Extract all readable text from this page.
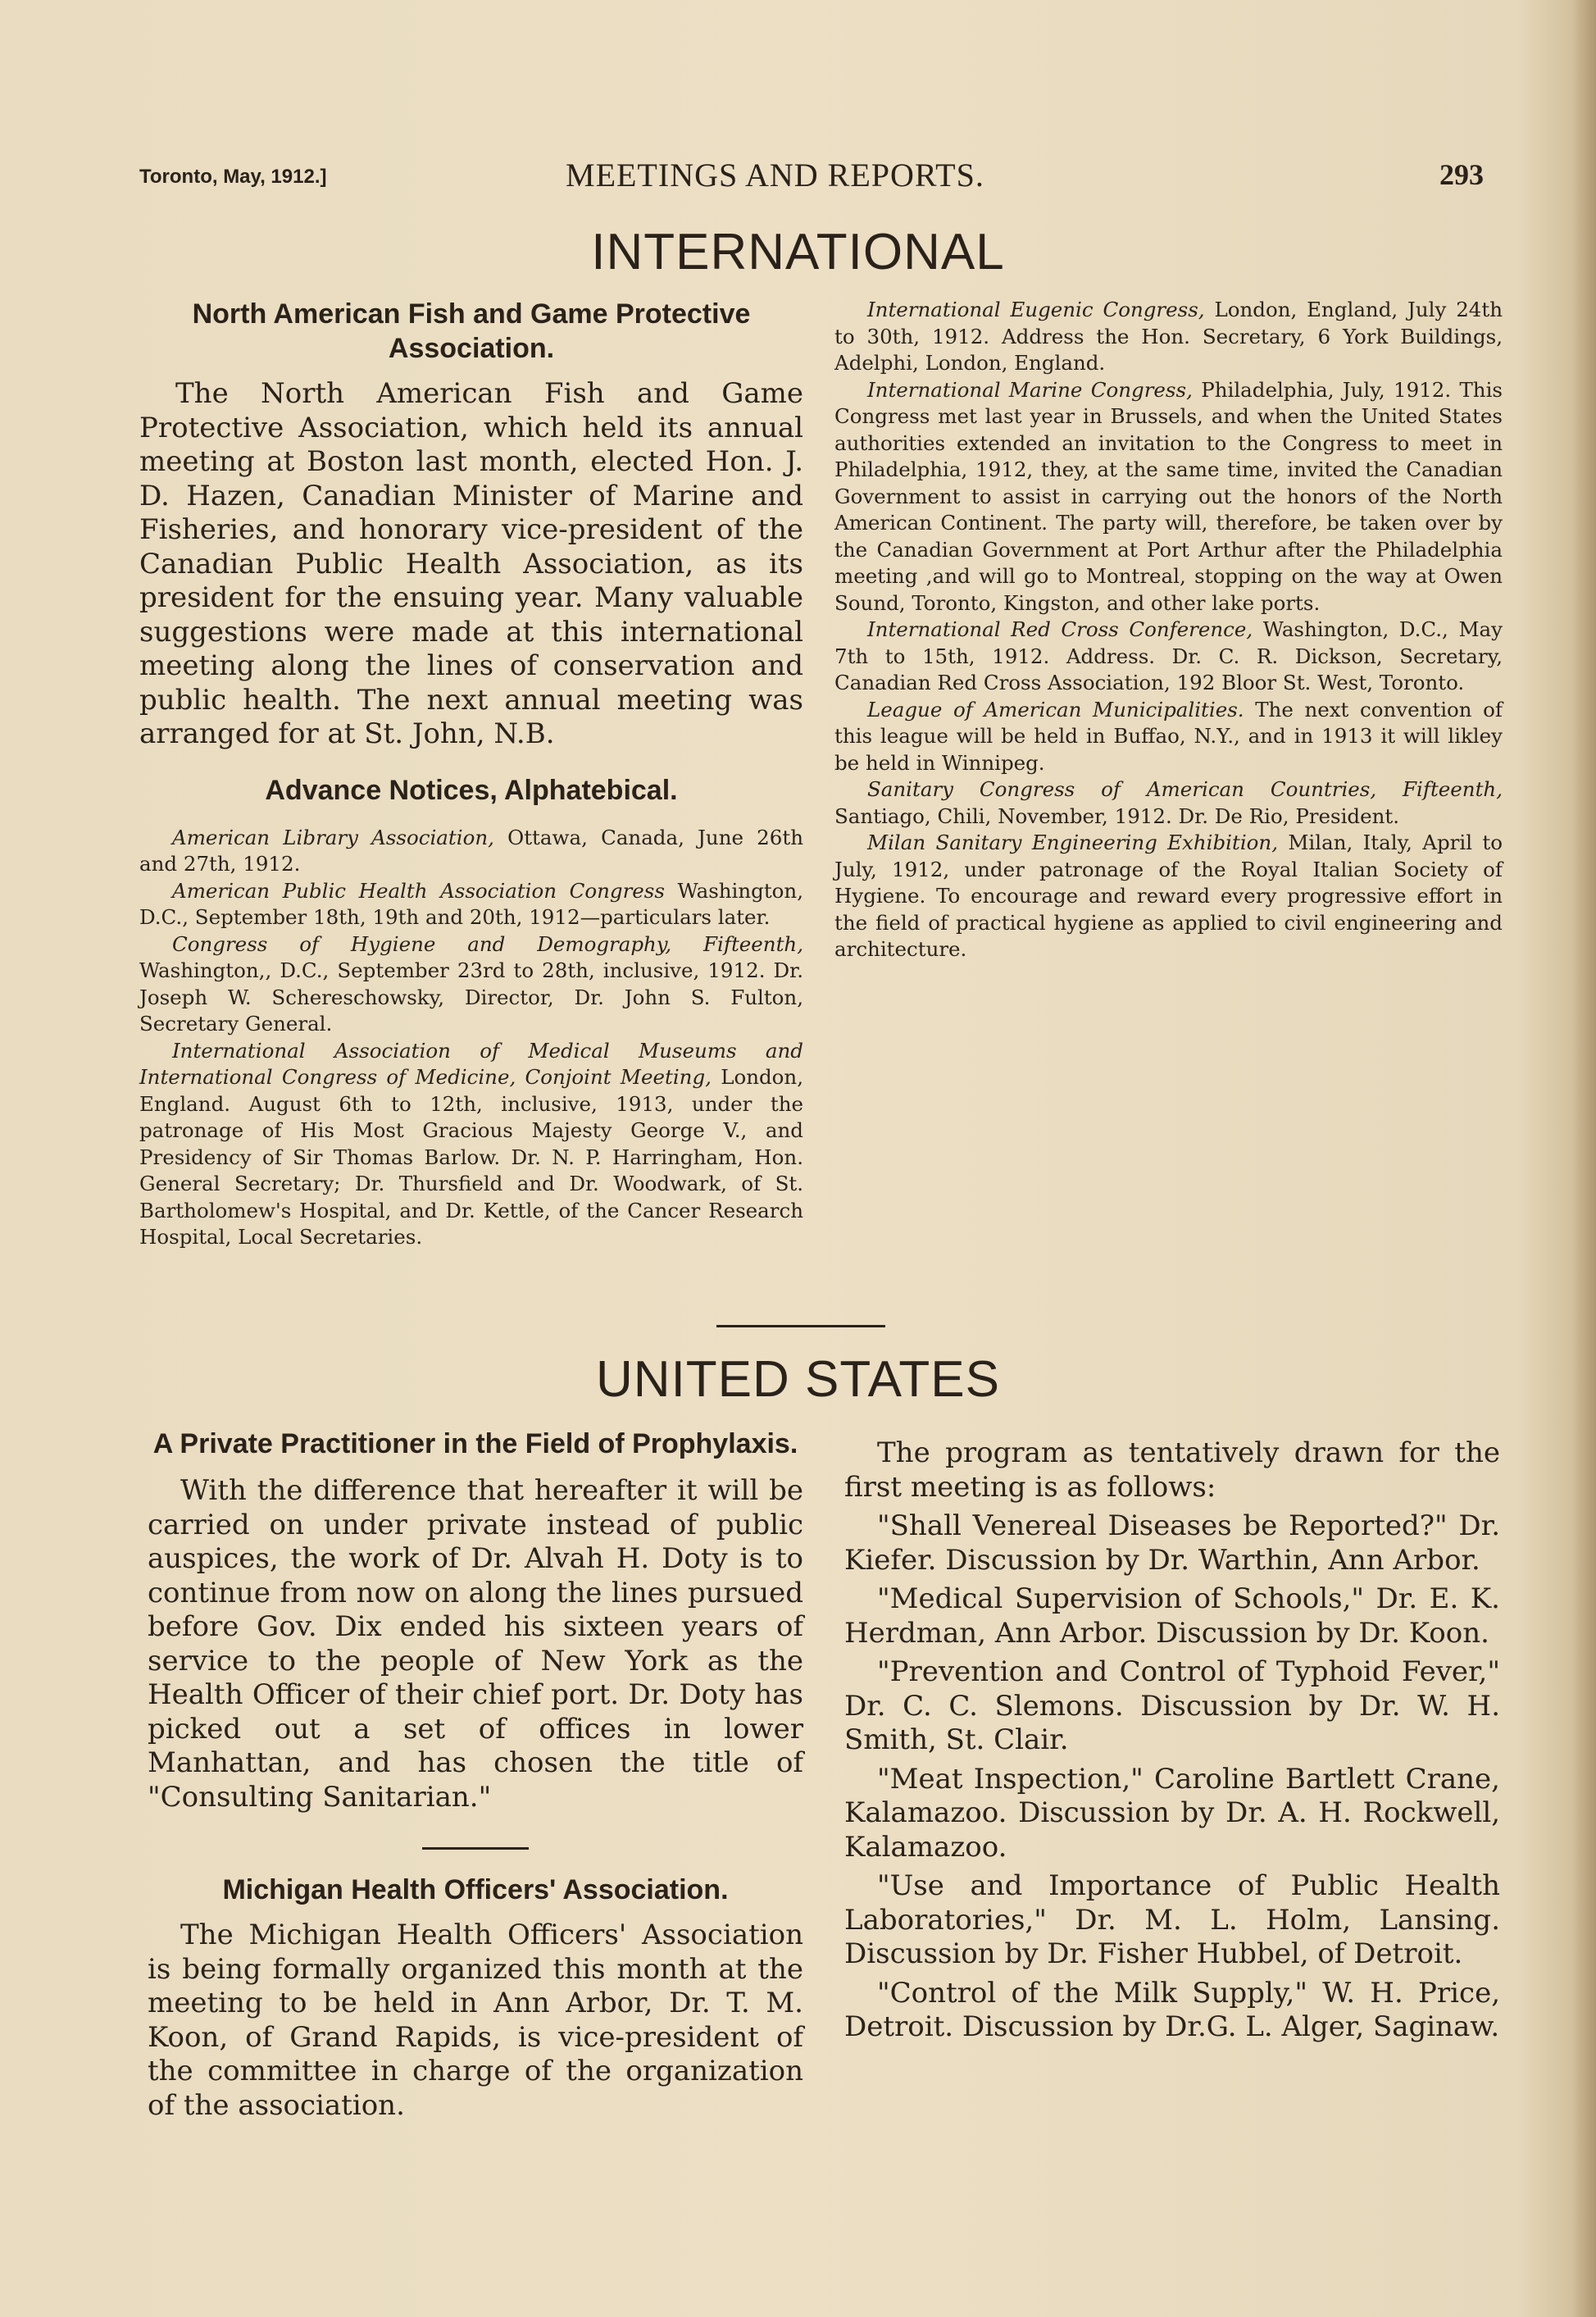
Toronto, May, 1912.]	MEETINGS AND REPORTS.	293
INTERNATIONAL
North American Fish and Game Protective Association.

The North American Fish and Game Protective Association, which held its annual meeting at Boston last month, elected Hon. J. D. Hazen, Canadian Minister of Marine and Fisheries, and honorary vice-president of the Canadian Public Health Association, as its president for the ensuing year. Many valuable suggestions were made at this international meeting along the lines of conservation and public health. The next annual meeting was arranged for at St. John, N.B.

Advance Notices, Alphatebical.

American Library Association, Ottawa, Canada, June 26th and 27th, 1912.

American Public Health Association Congress Washington, D.C., September 18th, 19th and 20th, 1912—particulars later.

Congress of Hygiene and Demography, Fifteenth, Washington,, D.C., September 23rd to 28th, inclusive, 1912. Dr. Joseph W. Schereschowsky, Director, Dr. John S. Fulton, Secretary General.

International Association of Medical Museums and International Congress of Medicine, Conjoint Meeting, London, England. August 6th to 12th, inclusive, 1913, under the patronage of His Most Gracious Majesty George V., and Presidency of Sir Thomas Barlow. Dr. N. P. Harringham, Hon. General Secretary; Dr. Thursfield and Dr. Woodwark, of St. Bartholomew's Hospital, and Dr. Kettle, of the Cancer Research Hospital, Local Secretaries.

International Eugenic Congress, London, England, July 24th to 30th, 1912. Address the Hon. Secretary, 6 York Buildings, Adelphi, London, England.

International Marine Congress, Philadelphia, July, 1912. This Congress met last year in Brussels, and when the United States authorities extended an invitation to the Congress to meet in Philadelphia, 1912, they, at the same time, invited the Canadian Government to assist in carrying out the honors of the North American Continent. The party will, therefore, be taken over by the Canadian Government at Port Arthur after the Philadelphia meeting ,and will go to Montreal, stopping on the way at Owen Sound, Toronto, Kingston, and other lake ports.

International Red Cross Conference, Washington, D.C., May 7th to 15th, 1912. Address. Dr. C. R. Dickson, Secretary, Canadian Red Cross Association, 192 Bloor St. West, Toronto.

League of American Municipalities. The next convention of this league will be held in Buffao, N.Y., and in 1913 it will likley be held in Winnipeg.

Sanitary Congress of American Countries, Fifteenth, Santiago, Chili, November, 1912. Dr. De Rio, President.

Milan Sanitary Engineering Exhibition, Milan, Italy, April to July, 1912, under patronage of the Royal Italian Society of Hygiene. To encourage and reward every progressive effort in the field of practical hygiene as applied to civil engineering and architecture.

UNITED STATES
A Private Practitioner in the Field of Prophylaxis.

With the difference that hereafter it will be carried on under private instead of public auspices, the work of Dr. Alvah H. Doty is to continue from now on along the lines pursued before Gov. Dix ended his sixteen years of service to the people of New York as the Health Officer of their chief port. Dr. Doty has picked out a set of offices in lower Manhattan, and has chosen the title of "Consulting Sanitarian."

Michigan Health Officers' Association.

The Michigan Health Officers' Association is being formally organized this month at the meeting to be held in Ann Arbor, Dr. T. M. Koon, of Grand Rapids, is vice-president of the committee in charge of the organization of the association.

The program as tentatively drawn for the first meeting is as follows:

"Shall Venereal Diseases be Reported?" Dr. Kiefer. Discussion by Dr. Warthin, Ann Arbor.

"Medical Supervision of Schools," Dr. E. K. Herdman, Ann Arbor. Discussion by Dr. Koon.

"Prevention and Control of Typhoid Fever," Dr. C. C. Slemons. Discussion by Dr. W. H. Smith, St. Clair.

"Meat Inspection," Caroline Bartlett Crane, Kalamazoo. Discussion by Dr. A. H. Rockwell, Kalamazoo.

"Use and Importance of Public Health Laboratories," Dr. M. L. Holm, Lansing. Discussion by Dr. Fisher Hubbel, of Detroit.

"Control of the Milk Supply," W. H. Price, Detroit. Discussion by Dr.G. L. Alger, Saginaw.
